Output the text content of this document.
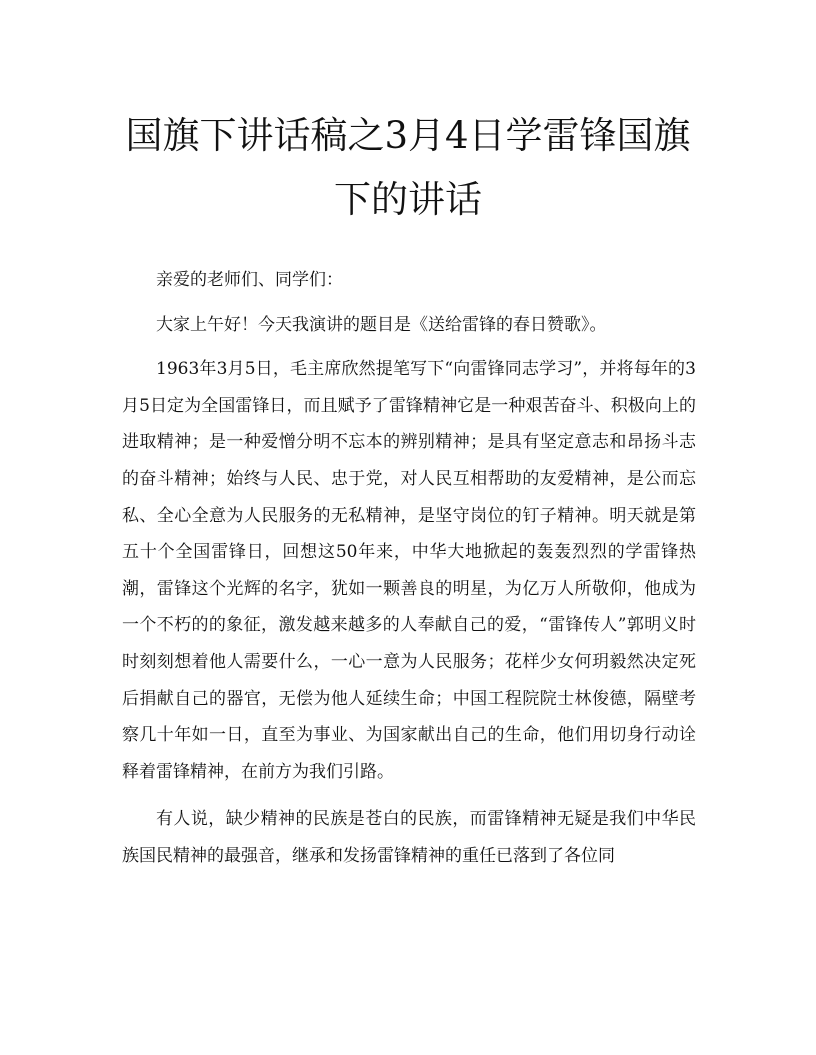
国旗下讲话稿之3月4日学雷锋国旗下的讲话

亲爱的老师们、同学们：

大家上午好！今天我演讲的题目是《送给雷锋的春日赞歌》。

1963年3月5日，毛主席欣然提笔写下“向雷锋同志学习”，并将每年的3月5日定为全国雷锋日，而且赋予了雷锋精神它是一种艰苦奋斗、积极向上的进取精神；是一种爱憎分明不忘本的辨别精神；是具有坚定意志和昂扬斗志的奋斗精神；始终与人民、忠于党，对人民互相帮助的友爱精神，是公而忘私、全心全意为人民服务的无私精神，是坚守岗位的钉子精神。明天就是第五十个全国雷锋日，回想这50年来，中华大地掀起的轰轰烈烈的学雷锋热潮，雷锋这个光辉的名字，犹如一颗善良的明星，为亿万人所敬仰，他成为一个不朽的的象征，激发越来越多的人奉献自己的爱，“雷锋传人”郭明义时时刻刻想着他人需要什么，一心一意为人民服务；花样少女何玥毅然决定死后捐献自己的器官，无偿为他人延续生命；中国工程院院士林俊德，隔壁考察几十年如一日，直至为事业、为国家献出自己的生命，他们用切身行动诠释着雷锋精神，在前方为我们引路。

有人说，缺少精神的民族是苍白的民族，而雷锋精神无疑是我们中华民族国民精神的最强音，继承和发扬雷锋精神的重任已落到了各位同
